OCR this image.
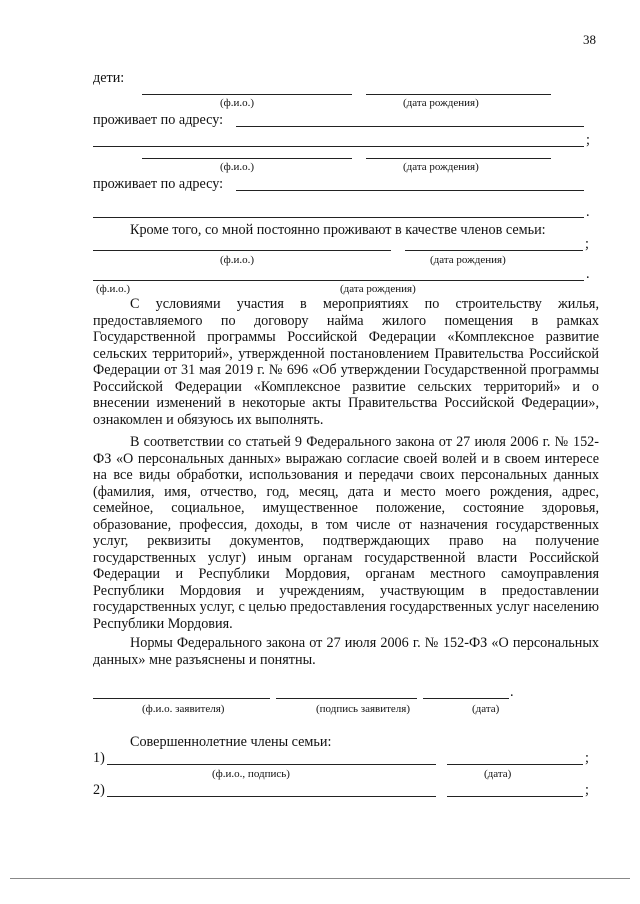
38
дети:
(ф.и.о.)	(дата рождения)
проживает по адресу:
;
(ф.и.о.)	(дата рождения)
проживает по адресу:
.
Кроме того, со мной постоянно проживают в качестве членов семьи:
;
(ф.и.о.)	(дата рождения)
.
(ф.и.о.)	(дата рождения)
С условиями участия в мероприятиях по строительству жилья, предоставляемого по договору найма жилого помещения в рамках Государственной программы Российской Федерации «Комплексное развитие сельских территорий», утвержденной постановлением Правительства Российской Федерации от 31 мая 2019 г. № 696 «Об утверждении Государственной программы Российской Федерации «Комплексное развитие сельских территорий» и о внесении изменений в некоторые акты Правительства Российской Федерации», ознакомлен и обязуюсь их выполнять.
В соответствии со статьей 9 Федерального закона от 27 июля 2006 г. № 152-ФЗ «О персональных данных» выражаю согласие своей волей и в своем интересе на все виды обработки, использования и передачи своих персональных данных (фамилия, имя, отчество, год, месяц, дата и место моего рождения, адрес, семейное, социальное, имущественное положение, состояние здоровья, образование, профессия, доходы, в том числе от назначения государственных услуг, реквизиты документов, подтверждающих право на получение государственных услуг) иным органам государственной власти Российской Федерации и Республики Мордовия, органам местного самоуправления Республики Мордовия и учреждениям, участвующим в предоставлении государственных услуг, с целью предоставления государственных услуг населению Республики Мордовия.
Нормы Федерального закона от 27 июля 2006 г. № 152-ФЗ «О персональных данных» мне разъяснены и понятны.
.
(ф.и.о. заявителя)	(подпись заявителя)	(дата)
Совершеннолетние члены семьи:
1)	;
(ф.и.о., подпись)	(дата)
2)	;
